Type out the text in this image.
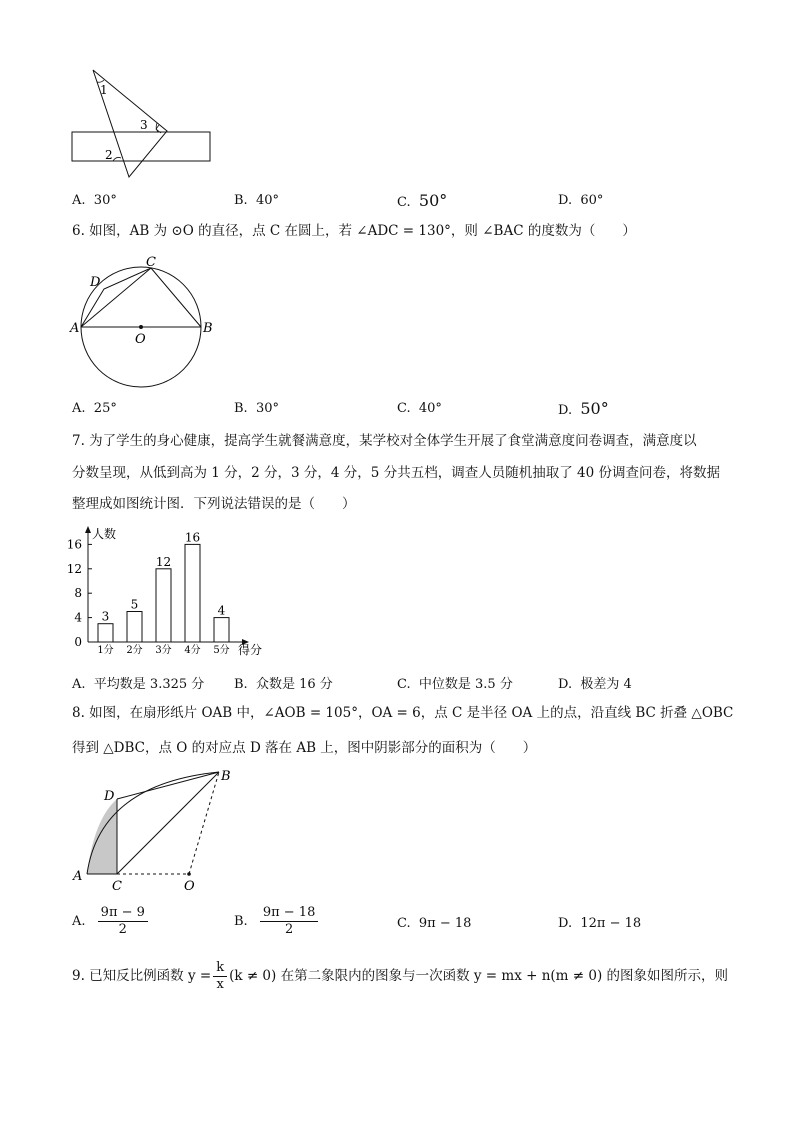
1
3
2
A. 30°	B. 40°	C. 50°	D. 60°
6. 如图，AB 为 ⊙O 的直径，点 C 在圆上，若 ∠ADC = 130°，则 ∠BAC 的度数为（　　）
A	B
C
D
O
A. 25°	B. 30°	C. 40°	D. 50°
7. 为了学生的身心健康，提高学生就餐满意度，某学校对全体学生开展了食堂满意度问卷调查，满意度以
分数呈现，从低到高为 1 分，2 分，3 分，4 分，5 分共五档，调查人员随机抽取了 40 份调查问卷，将数据
整理成如图统计图．下列说法错误的是（　　）
人数
得分
0
4
8
12
16
3
1分
5
2分
12
3分
16
4分
4
5分
A. 平均数是 3.325 分 B. 众数是 16 分	C. 中位数是 3.5 分	D. 极差为 4
8. 如图，在扇形纸片 OAB 中，∠AOB = 105°，OA = 6，点 C 是半径 OA 上的点，沿直线 BC 折叠 △OBC
得到 △DBC，点 O 的对应点 D 落在 AB 上，图中阴影部分的面积为（　　）
A
C	O
D
B
A. $\frac{9\pi - 9}{2}$	B. $\frac{9\pi - 18}{2}$	C. 9π − 18	D. 12π − 18
9. 已知反比例函数 $y = \frac{k}{x} (k \ne 0)$ 在第二象限内的图象与一次函数 y = mx + n(m ≠ 0) 的图象如图所示，则
